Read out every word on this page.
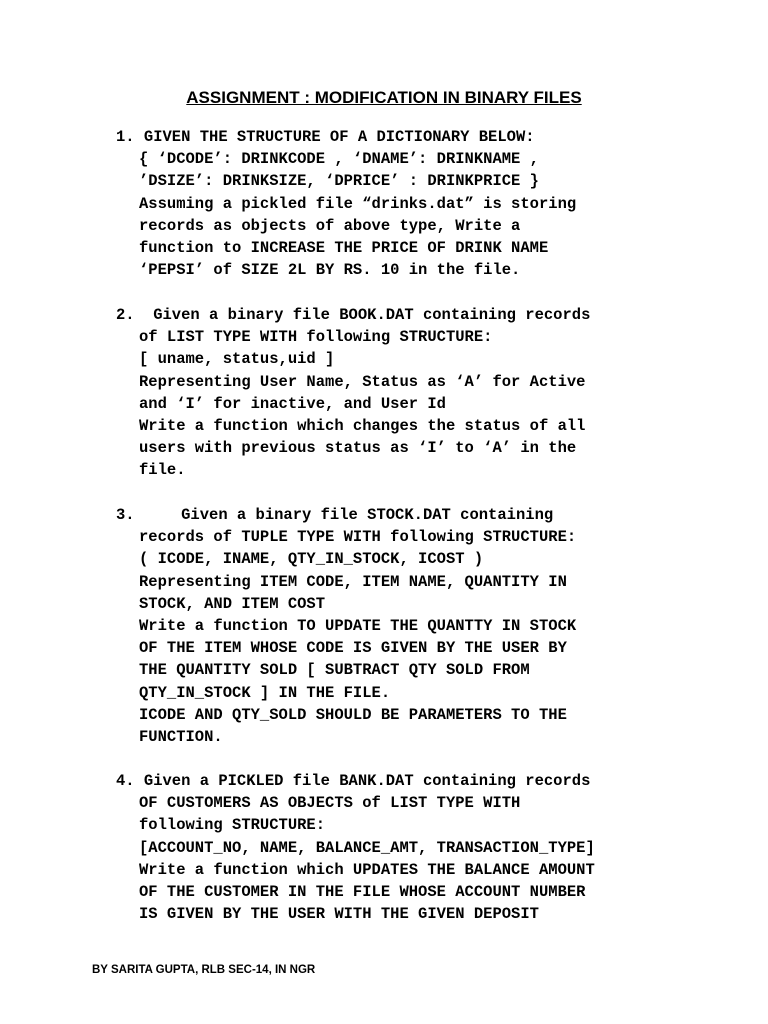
ASSIGNMENT : MODIFICATION IN BINARY FILES
1. GIVEN THE STRUCTURE OF A DICTIONARY BELOW:
{ ‘DCODE’: DRINKCODE , ‘DNAME’: DRINKNAME ,
’DSIZE’: DRINKSIZE, ‘DPRICE’ : DRINKPRICE }
Assuming a pickled file “drinks.dat” is storing
records as objects of above type, Write a
function to INCREASE THE PRICE OF DRINK NAME
‘PEPSI’ of SIZE 2L BY RS. 10 in the file.
2.  Given a binary file BOOK.DAT containing records
of LIST TYPE WITH following STRUCTURE:
[ uname, status,uid ]
Representing User Name, Status as ‘A’ for Active
and ‘I’ for inactive, and User Id
Write a function which changes the status of all
users with previous status as ‘I’ to ‘A’ in the
file.
3.     Given a binary file STOCK.DAT containing
records of TUPLE TYPE WITH following STRUCTURE:
( ICODE, INAME, QTY_IN_STOCK, ICOST )
Representing ITEM CODE, ITEM NAME, QUANTITY IN
STOCK, AND ITEM COST
Write a function TO UPDATE THE QUANTTY IN STOCK
OF THE ITEM WHOSE CODE IS GIVEN BY THE USER BY
THE QUANTITY SOLD [ SUBTRACT QTY SOLD FROM
QTY_IN_STOCK ] IN THE FILE.
ICODE AND QTY_SOLD SHOULD BE PARAMETERS TO THE
FUNCTION.
4. Given a PICKLED file BANK.DAT containing records
OF CUSTOMERS AS OBJECTS of LIST TYPE WITH
following STRUCTURE:
[ACCOUNT_NO, NAME, BALANCE_AMT, TRANSACTION_TYPE]
Write a function which UPDATES THE BALANCE AMOUNT
OF THE CUSTOMER IN THE FILE WHOSE ACCOUNT NUMBER
IS GIVEN BY THE USER WITH THE GIVEN DEPOSIT
BY SARITA GUPTA, RLB SEC-14, IN NGR
